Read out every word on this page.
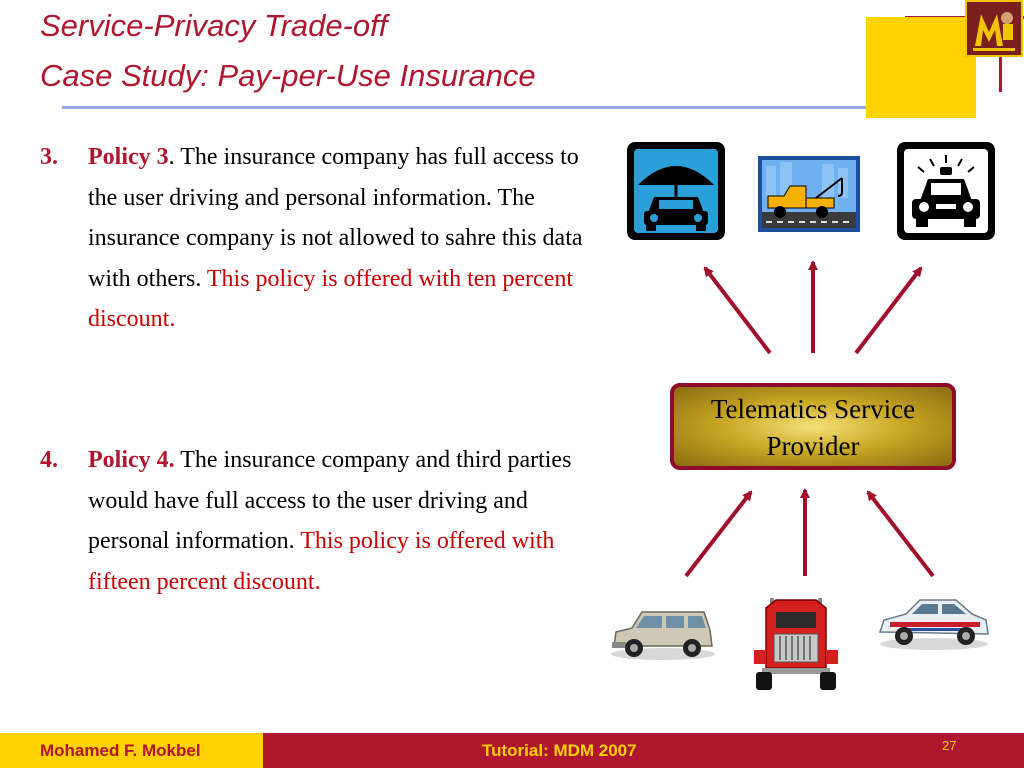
Service-Privacy Trade-off
Case Study: Pay-per-Use Insurance
3. Policy 3. The insurance company has full access to the user driving and personal information. The insurance company is not allowed to sahre this data with others. This policy is offered with ten percent discount.
4. Policy 4. The insurance company and third parties would have full access to the user driving and personal information. This policy is offered with fifteen percent discount.
Telematics Service
Provider
Mohamed F. Mokbel	Tutorial: MDM 2007	27
